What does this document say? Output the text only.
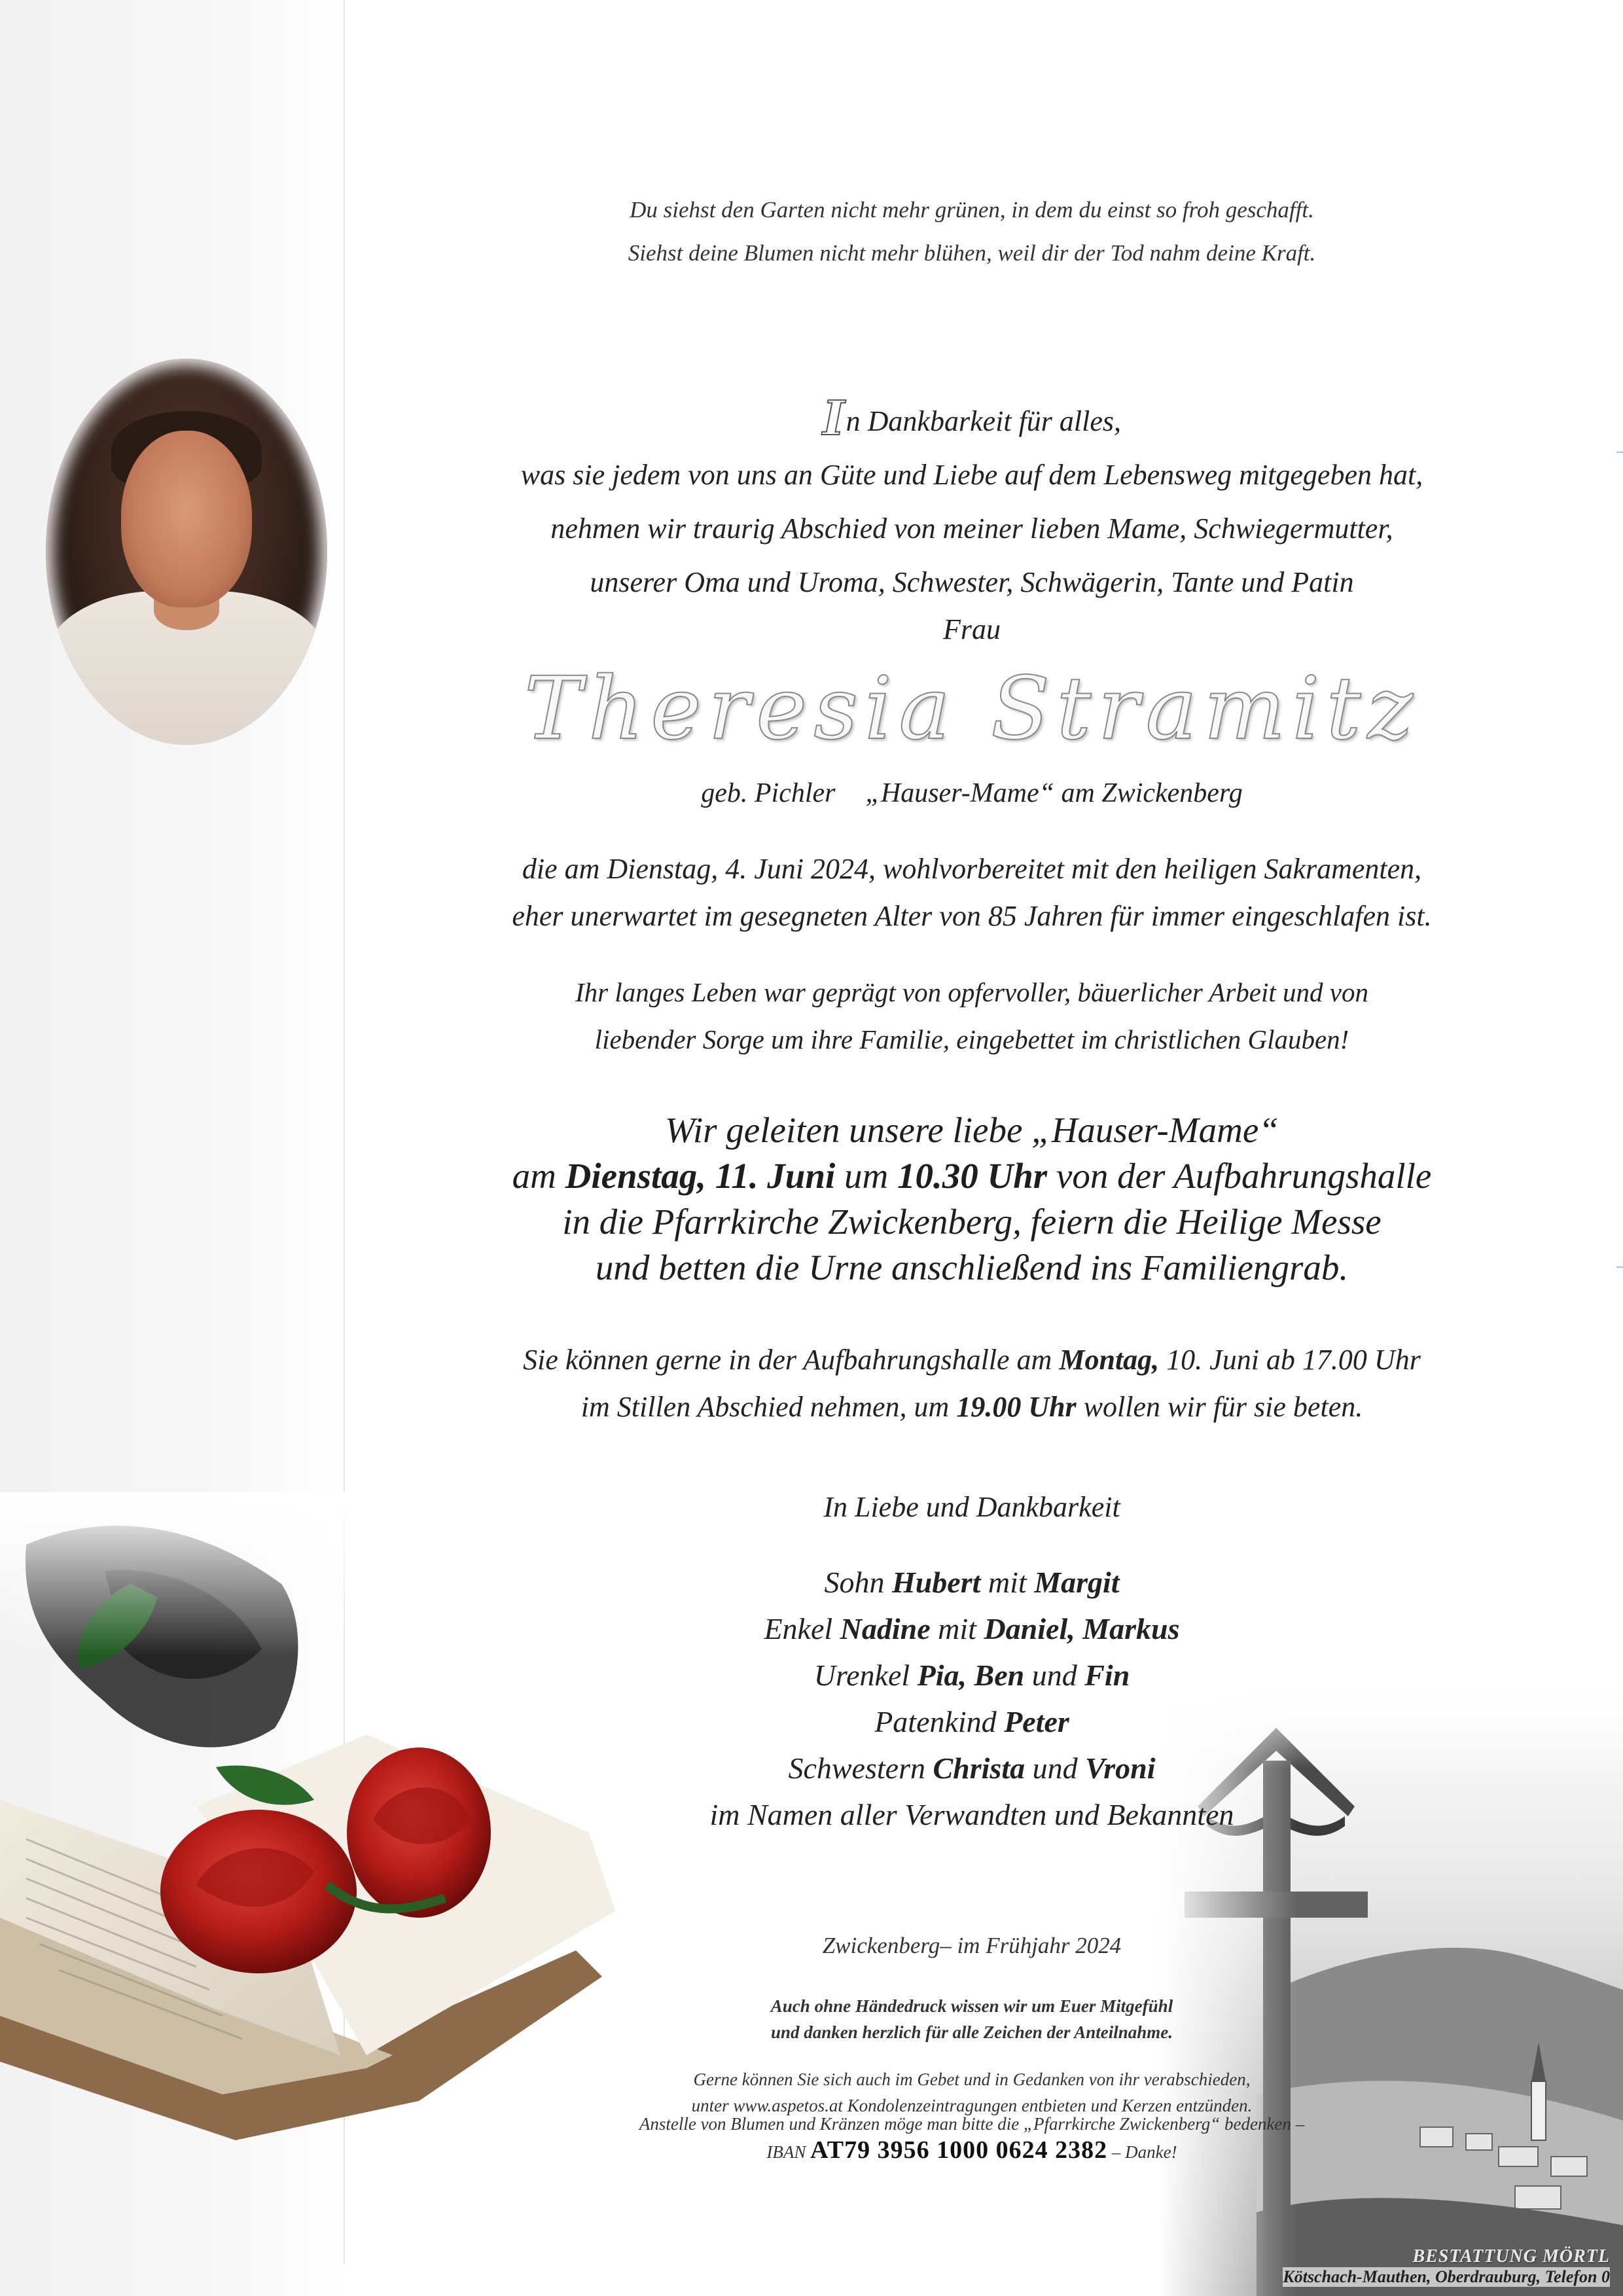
Du siehst den Garten nicht mehr grünen, in dem du einst so froh geschafft.
Siehst deine Blumen nicht mehr blühen, weil dir der Tod nahm deine Kraft.
In Dankbarkeit für alles,
was sie jedem von uns an Güte und Liebe auf dem Lebensweg mitgegeben hat,
nehmen wir traurig Abschied von meiner lieben Mame, Schwiegermutter,
unserer Oma und Uroma, Schwester, Schwägerin, Tante und Patin
Frau
Theresia Stramitz
geb. Pichler „Hauser-Mame“ am Zwickenberg
die am Dienstag, 4. Juni 2024, wohlvorbereitet mit den heiligen Sakramenten,
eher unerwartet im gesegneten Alter von 85 Jahren für immer eingeschlafen ist.
Ihr langes Leben war geprägt von opfervoller, bäuerlicher Arbeit und von
liebender Sorge um ihre Familie, eingebettet im christlichen Glauben!
Wir geleiten unsere liebe „Hauser-Mame“
am Dienstag, 11. Juni um 10.30 Uhr von der Aufbahrungshalle
in die Pfarrkirche Zwickenberg, feiern die Heilige Messe
und betten die Urne anschließend ins Familiengrab.
Sie können gerne in der Aufbahrungshalle am Montag, 10. Juni ab 17.00 Uhr
im Stillen Abschied nehmen, um 19.00 Uhr wollen wir für sie beten.
In Liebe und Dankbarkeit
Sohn Hubert mit Margit
Enkel Nadine mit Daniel, Markus
Urenkel Pia, Ben und Fin
Patenkind Peter
Schwestern Christa und Vroni
im Namen aller Verwandten und Bekannten
Zwickenberg– im Frühjahr 2024
Auch ohne Händedruck wissen wir um Euer Mitgefühl
und danken herzlich für alle Zeichen der Anteilnahme.
Gerne können Sie sich auch im Gebet und in Gedanken von ihr verabschieden,
unter www.aspetos.at Kondolenzeintragungen entbieten und Kerzen entzünden.
Anstelle von Blumen und Kränzen möge man bitte die „Pfarrkirche Zwickenberg“ bedenken –
IBAN AT79 3956 1000 0624 2382 – Danke!
BESTATTUNG MÖRTL
Kötschach-Mauthen, Oberdrauburg, Telefon 0
